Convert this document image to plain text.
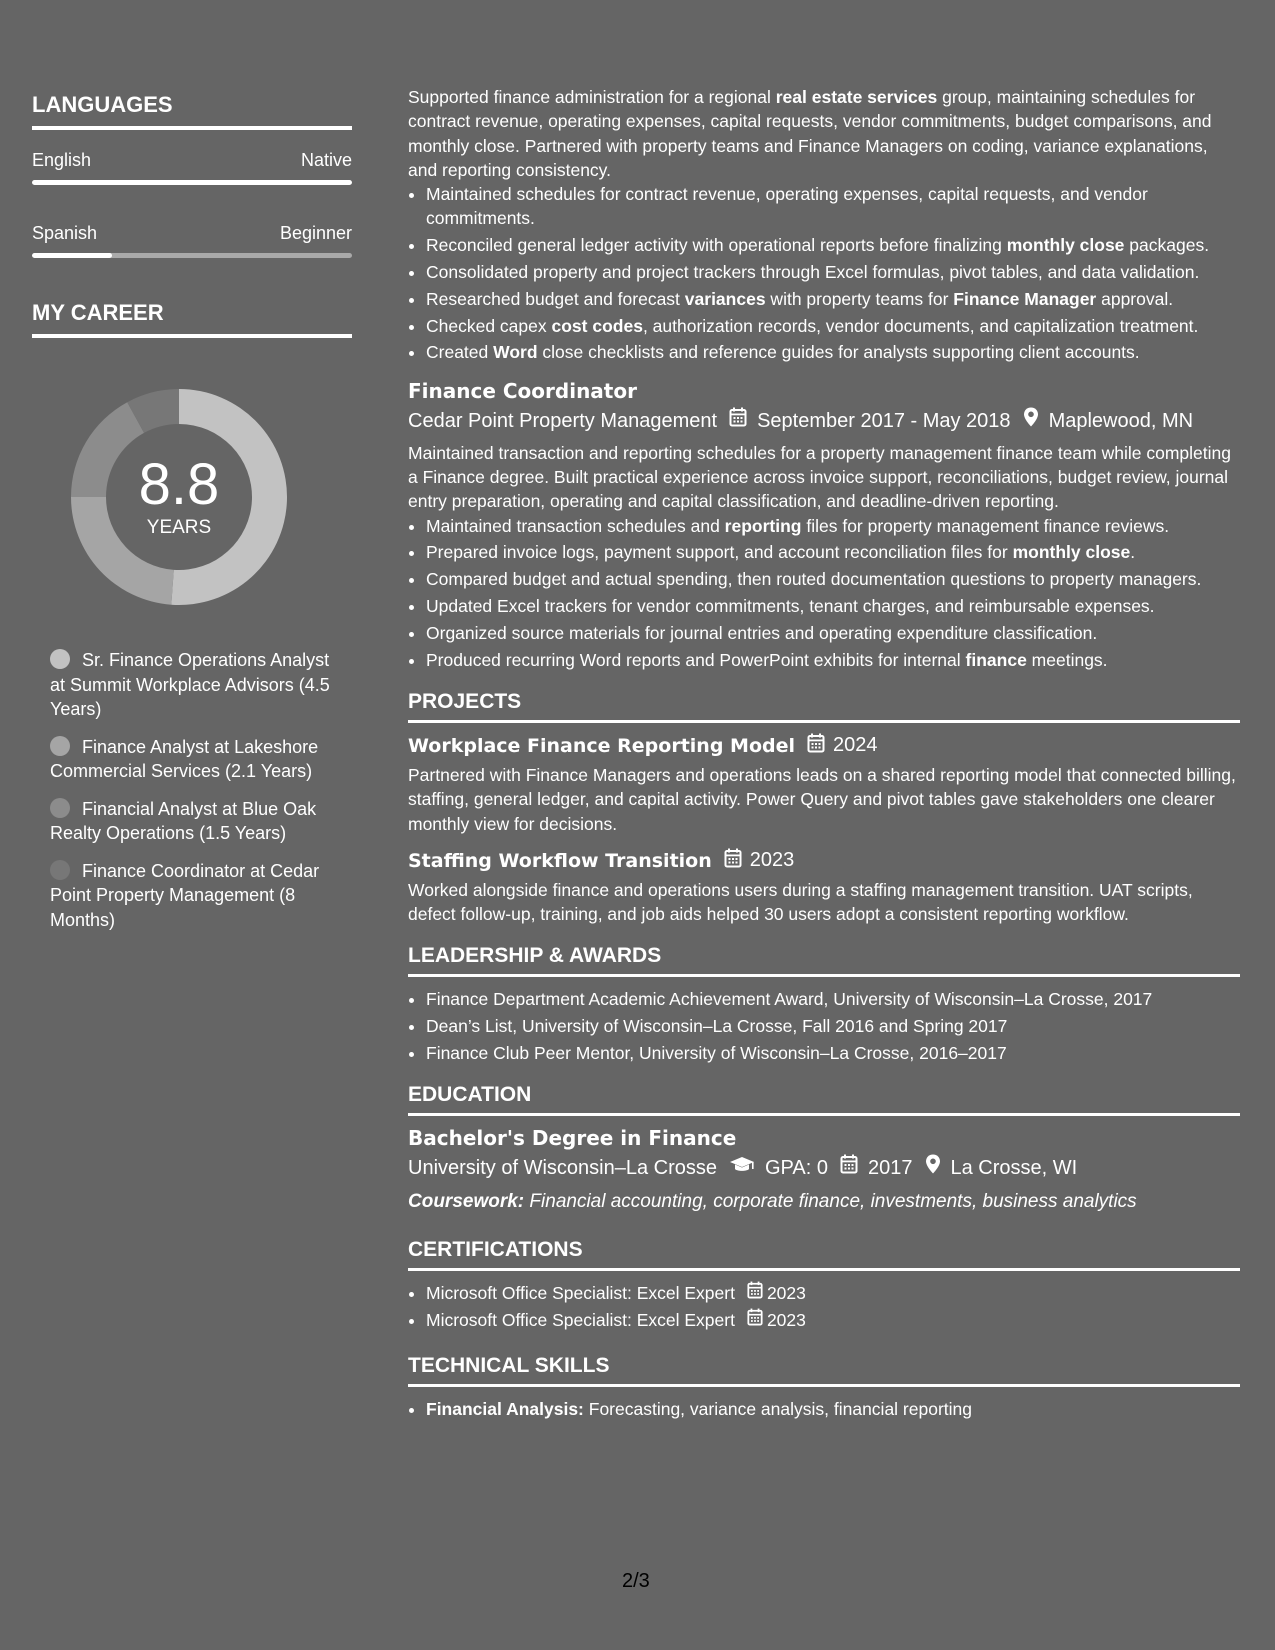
LANGUAGES
English	Native
Spanish	Beginner
MY CAREER
8.8
YEARS
Sr. Finance Operations Analyst at Summit Workplace Advisors (4.5 Years)
Finance Analyst at Lakeshore Commercial Services (2.1 Years)
Financial Analyst at Blue Oak Realty Operations (1.5 Years)
Finance Coordinator at Cedar Point Property Management (8 Months)

Supported finance administration for a regional real estate services group, maintaining schedules for contract revenue, operating expenses, capital requests, vendor commitments, budget comparisons, and monthly close. Partnered with property teams and Finance Managers on coding, variance explanations, and reporting consistency.

• Maintained schedules for contract revenue, operating expenses, capital requests, and vendor commitments.
• Reconciled general ledger activity with operational reports before finalizing monthly close packages.
• Consolidated property and project trackers through Excel formulas, pivot tables, and data validation.
• Researched budget and forecast variances with property teams for Finance Manager approval.
• Checked capex cost codes, authorization records, vendor documents, and capitalization treatment.
• Created Word close checklists and reference guides for analysts supporting client accounts.
Finance Coordinator
Cedar Point Property Management September 2017 - May 2018 Maplewood, MN

Maintained transaction and reporting schedules for a property management finance team while completing a Finance degree. Built practical experience across invoice support, reconciliations, budget review, journal entry preparation, operating and capital classification, and deadline-driven reporting.

• Maintained transaction schedules and reporting files for property management finance reviews.
• Prepared invoice logs, payment support, and account reconciliation files for monthly close.
• Compared budget and actual spending, then routed documentation questions to property managers.
• Updated Excel trackers for vendor commitments, tenant charges, and reimbursable expenses.
• Organized source materials for journal entries and operating expenditure classification.
• Produced recurring Word reports and PowerPoint exhibits for internal finance meetings.
PROJECTS
Workplace Finance Reporting Model 2024

Partnered with Finance Managers and operations leads on a shared reporting model that connected billing, staffing, general ledger, and capital activity. Power Query and pivot tables gave stakeholders one clearer monthly view for decisions.

Staffing Workflow Transition 2023

Worked alongside finance and operations users during a staffing management transition. UAT scripts, defect follow-up, training, and job aids helped 30 users adopt a consistent reporting workflow.

LEADERSHIP & AWARDS
• Finance Department Academic Achievement Award, University of Wisconsin–La Crosse, 2017
• Dean’s List, University of Wisconsin–La Crosse, Fall 2016 and Spring 2017
• Finance Club Peer Mentor, University of Wisconsin–La Crosse, 2016–2017
EDUCATION
Bachelor's Degree in Finance
University of Wisconsin–La Crosse GPA: 0 2017 La Crosse, WI
Coursework: Financial accounting, corporate finance, investments, business analytics
CERTIFICATIONS
• Microsoft Office Specialist: Excel Expert 2023
• Microsoft Office Specialist: Excel Expert 2023
TECHNICAL SKILLS
• Financial Analysis: Forecasting, variance analysis, financial reporting
2/3
